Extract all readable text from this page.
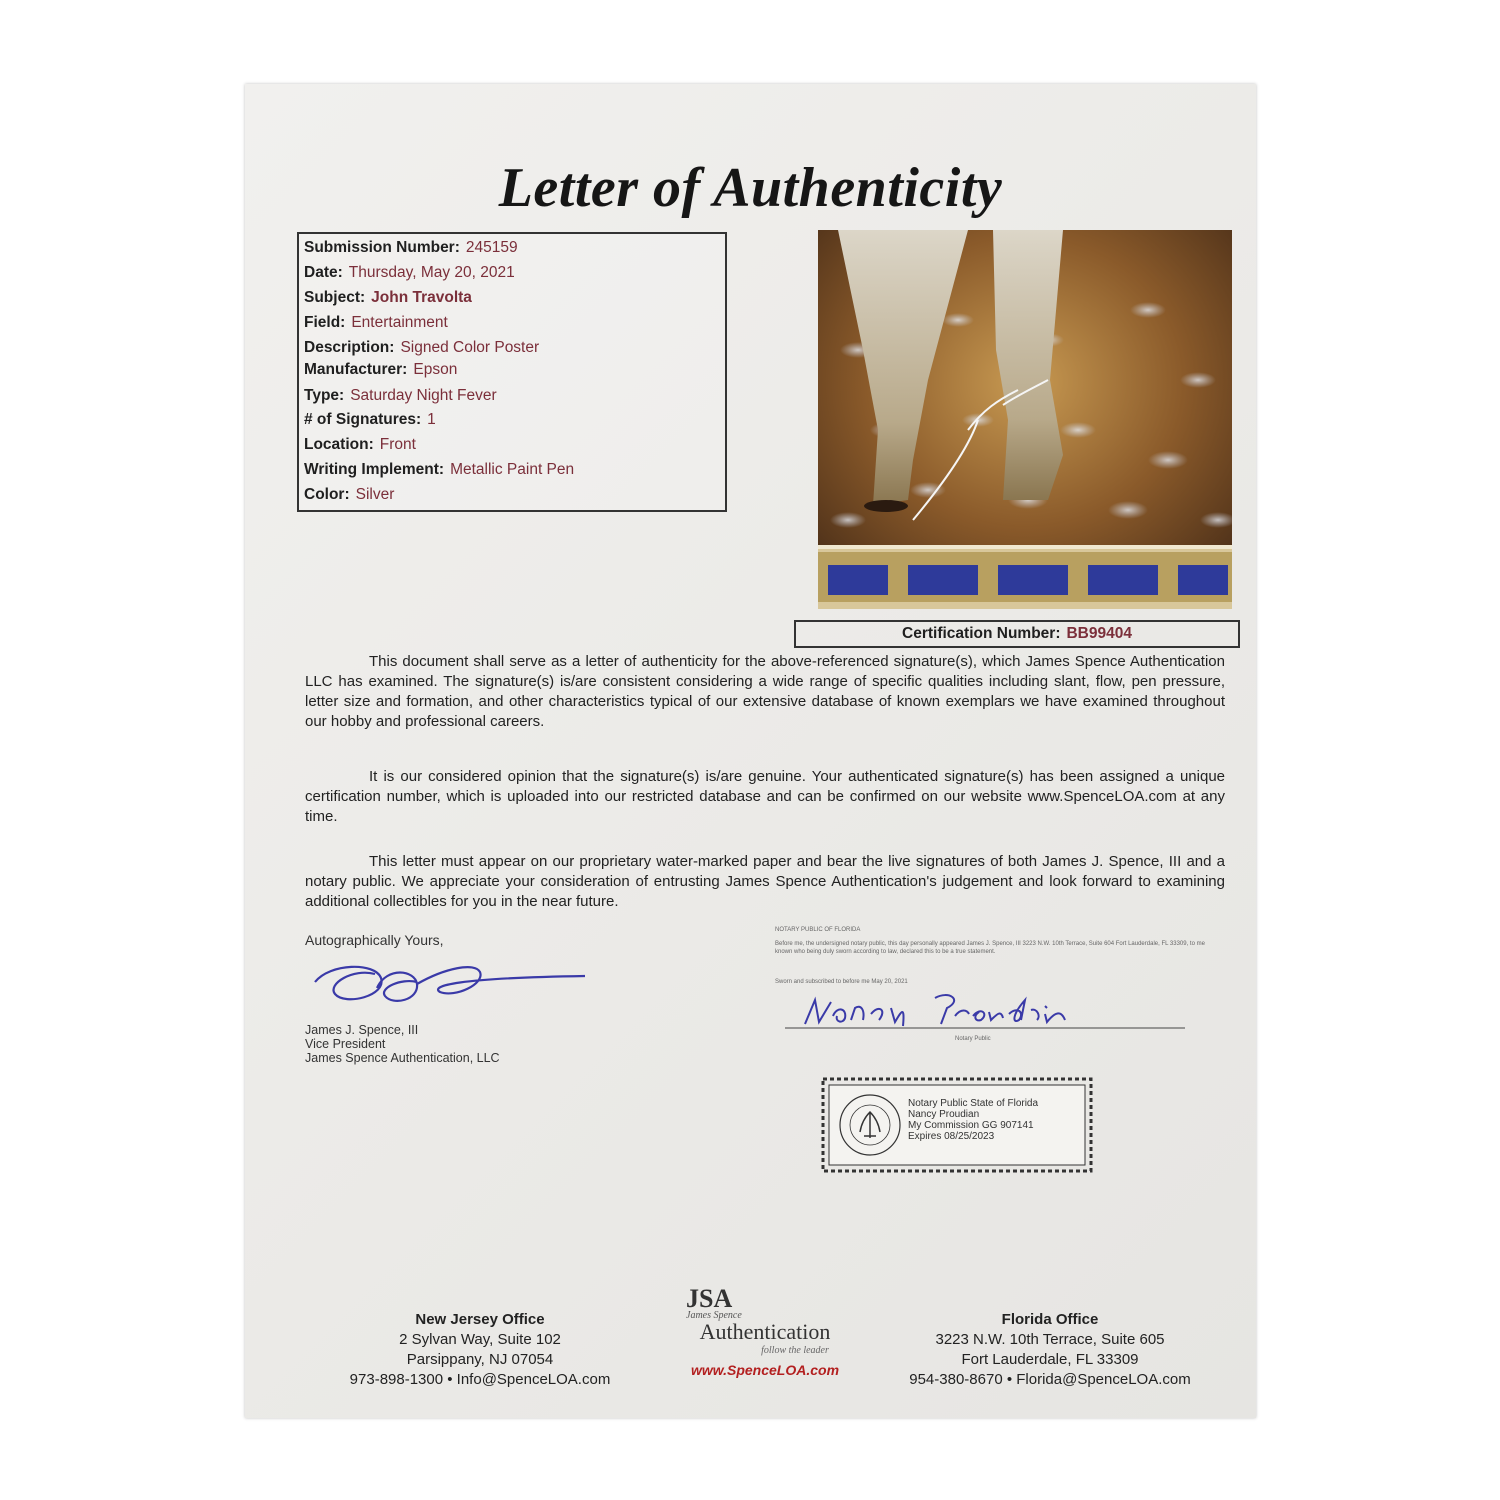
Letter of Authenticity
Submission Number: 245159
Date: Thursday, May 20, 2021
Subject: John Travolta
Field: Entertainment
Description: Signed Color Poster
Manufacturer: Epson
Type: Saturday Night Fever
# of Signatures: 1
Location: Front
Writing Implement: Metallic Paint Pen
Color: Silver
Certification Number: BB99404
This document shall serve as a letter of authenticity for the above-referenced signature(s), which James Spence Authentication LLC has examined. The signature(s) is/are consistent considering a wide range of specific qualities including slant, flow, pen pressure, letter size and formation, and other characteristics typical of our extensive database of known exemplars we have examined throughout our hobby and professional careers.
It is our considered opinion that the signature(s) is/are genuine. Your authenticated signature(s) has been assigned a unique certification number, which is uploaded into our restricted database and can be confirmed on our website www.SpenceLOA.com at any time.
This letter must appear on our proprietary water-marked paper and bear the live signatures of both James J. Spence, III and a notary public. We appreciate your consideration of entrusting James Spence Authentication's judgement and look forward to examining additional collectibles for you in the near future.
Autographically Yours,
James J. Spence, III
Vice President
James Spence Authentication, LLC
NOTARY PUBLIC OF FLORIDA
Before me, the undersigned notary public, this day personally appeared James J. Spence, III 3223 N.W. 10th Terrace, Suite 604 Fort Lauderdale, FL 33309, to me known who being duly sworn according to law, declared this to be a true statement.
Sworn and subscribed to before me May 20, 2021
Notary Public
Notary Public State of Florida
Nancy Proudian
My Commission GG 907141
Expires 08/25/2023
New Jersey Office
2 Sylvan Way, Suite 102
Parsippany, NJ 07054
973-898-1300 • Info@SpenceLOA.com
JSA
James Spence
Authentication
follow the leader
www.SpenceLOA.com
Florida Office
3223 N.W. 10th Terrace, Suite 605
Fort Lauderdale, FL 33309
954-380-8670 • Florida@SpenceLOA.com
